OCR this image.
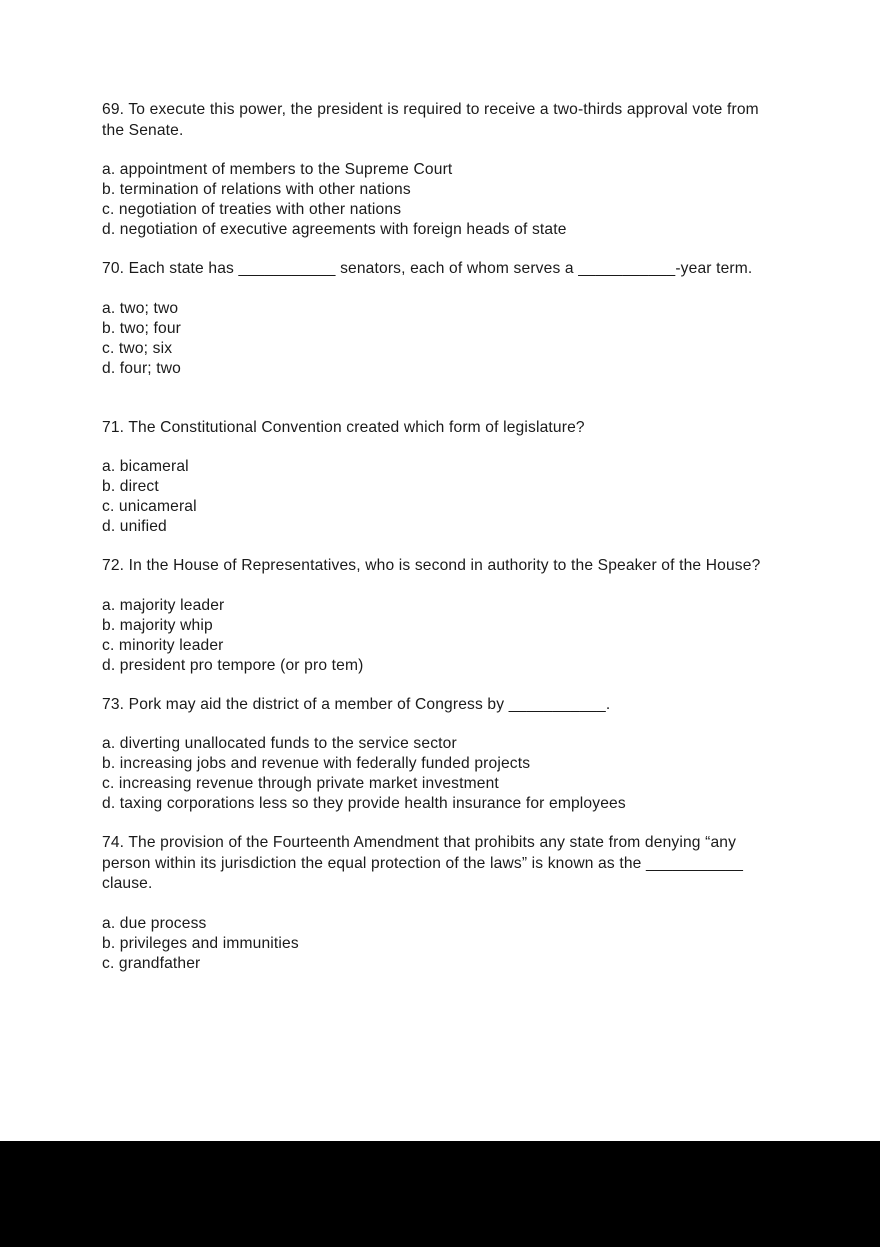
69. To execute this power, the president is required to receive a two-thirds approval vote from the Senate.

a. appointment of members to the Supreme Court
b. termination of relations with other nations
c. negotiation of treaties with other nations
d. negotiation of executive agreements with foreign heads of state

70. Each state has ___________ senators, each of whom serves a ___________-year term.

a. two; two
b. two; four
c. two; six
d. four; two

71. The Constitutional Convention created which form of legislature?

a. bicameral
b. direct
c. unicameral
d. unified

72. In the House of Representatives, who is second in authority to the Speaker of the House?

a. majority leader
b. majority whip
c. minority leader
d. president pro tempore (or pro tem)

73. Pork may aid the district of a member of Congress by ___________.

a. diverting unallocated funds to the service sector
b. increasing jobs and revenue with federally funded projects
c. increasing revenue through private market investment
d. taxing corporations less so they provide health insurance for employees

74. The provision of the Fourteenth Amendment that prohibits any state from denying “any person within its jurisdiction the equal protection of the laws” is known as the ___________ clause.

a. due process
b. privileges and immunities
c. grandfather
